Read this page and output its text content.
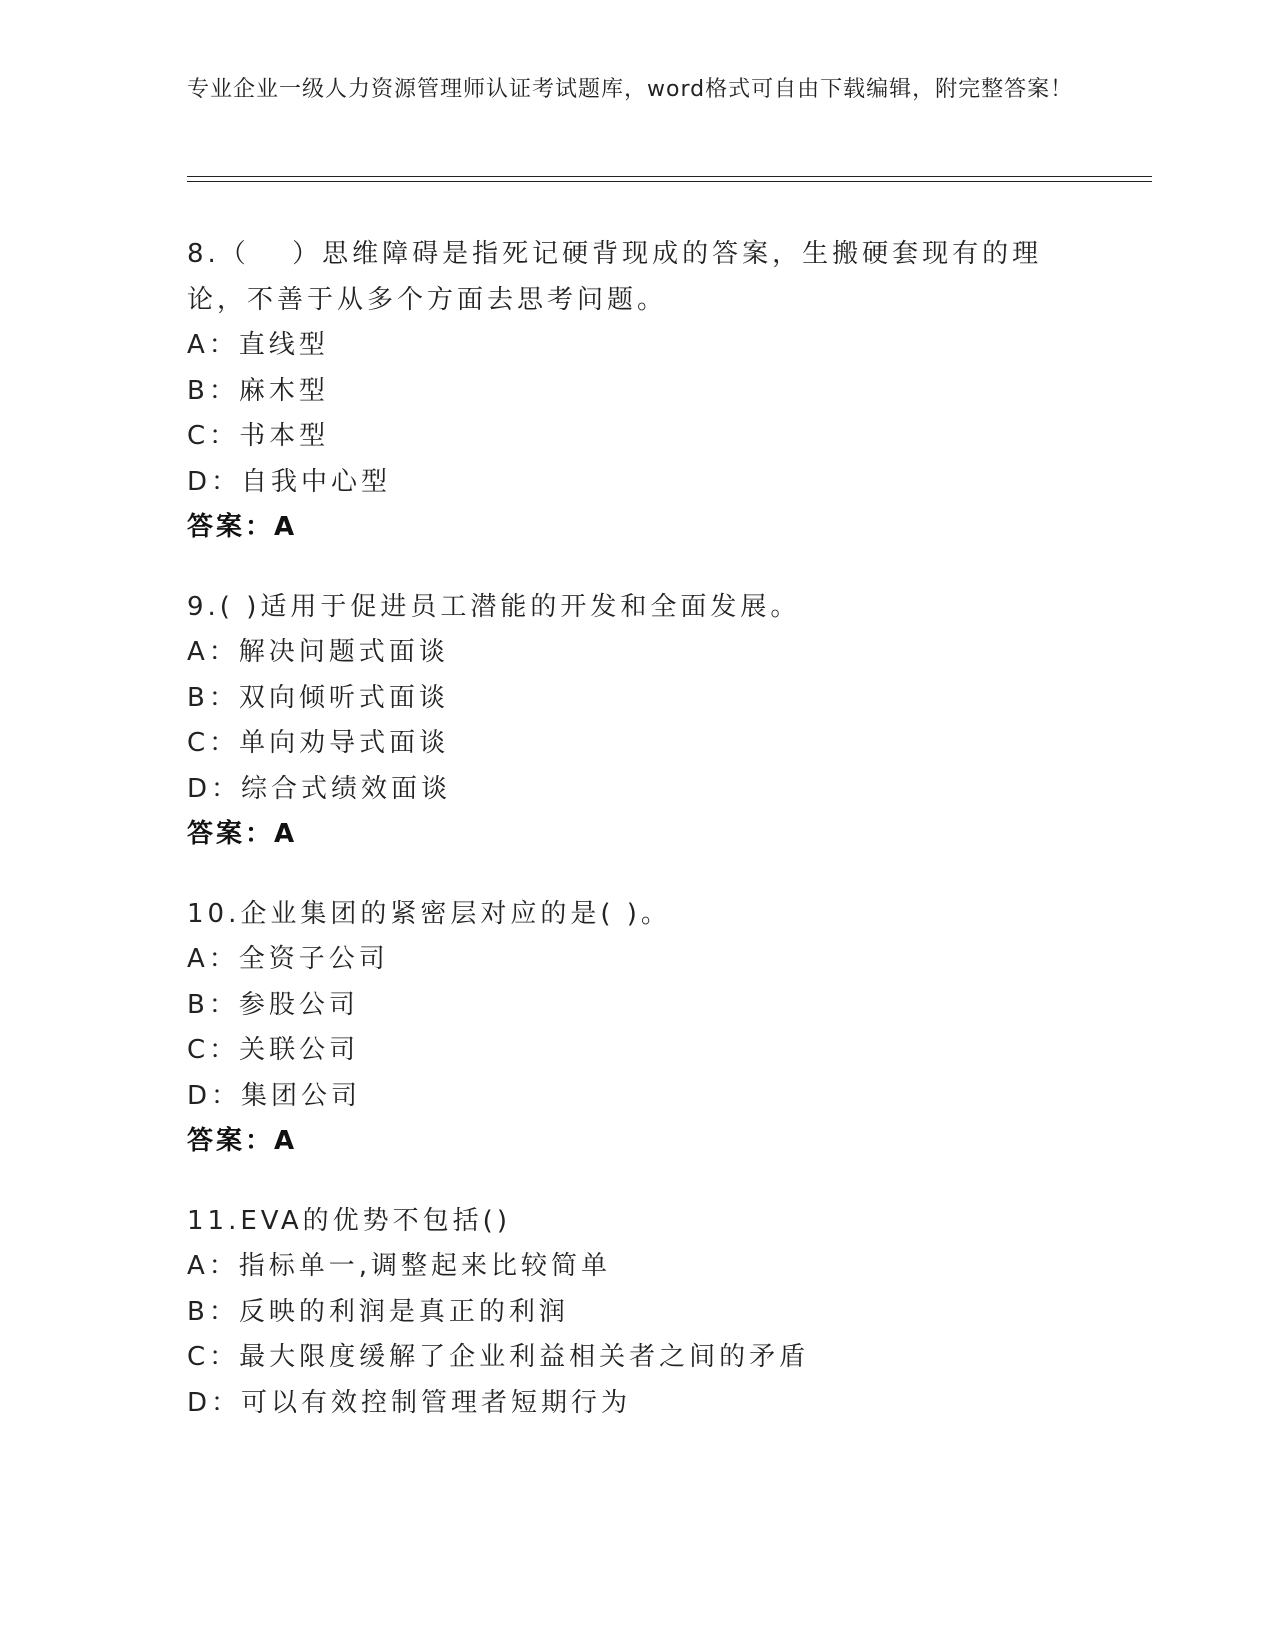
专业企业一级人力资源管理师认证考试题库，word格式可自由下载编辑，附完整答案！
8.（　 ）思维障碍是指死记硬背现成的答案，生搬硬套现有的理论，不善于从多个方面去思考问题。
A：直线型
B：麻木型
C：书本型
D：自我中心型
答案：A
9.( )适用于促进员工潜能的开发和全面发展。
A：解决问题式面谈
B：双向倾听式面谈
C：单向劝导式面谈
D：综合式绩效面谈
答案：A
10.企业集团的紧密层对应的是( )。
A：全资子公司
B：参股公司
C：关联公司
D：集团公司
答案：A
11.EVA的优势不包括()
A：指标单一,调整起来比较简单
B：反映的利润是真正的利润
C：最大限度缓解了企业利益相关者之间的矛盾
D：可以有效控制管理者短期行为
